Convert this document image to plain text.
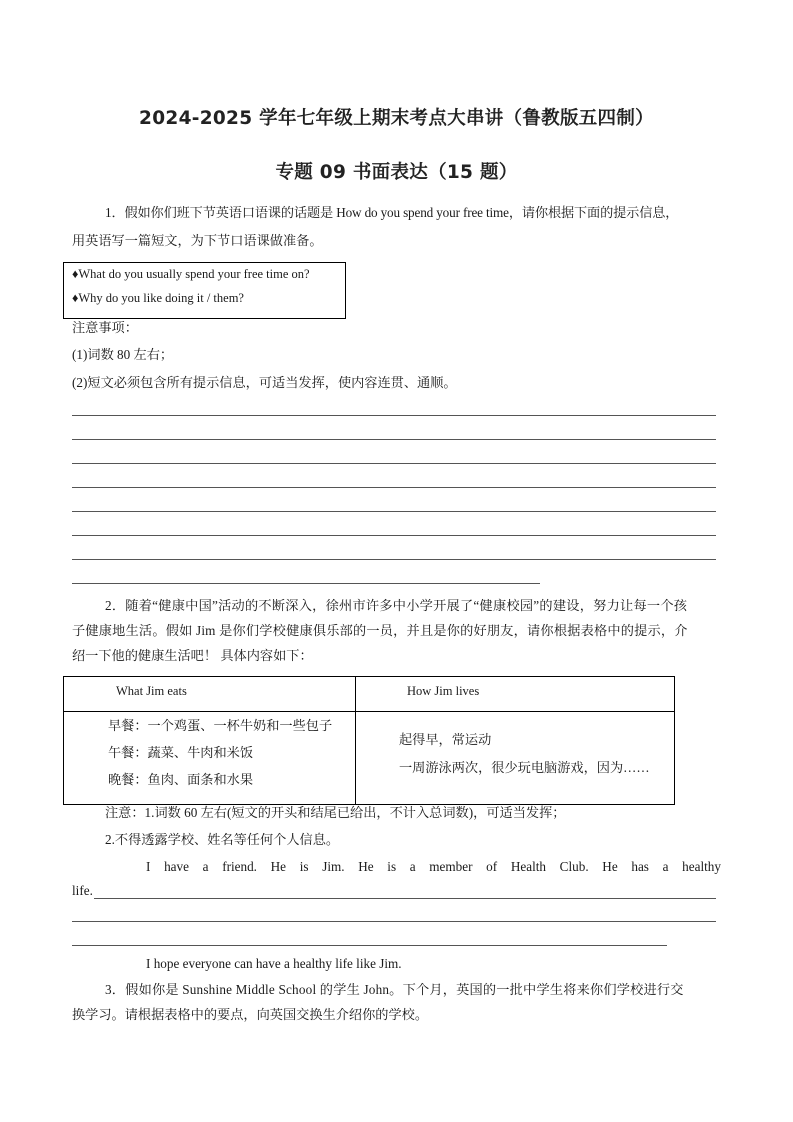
2024-2025 学年七年级上期末考点大串讲（鲁教版五四制）
专题 09 书面表达（15 题）
1．假如你们班下节英语口语课的话题是 How do you spend your free time，请你根据下面的提示信息，
用英语写一篇短文，为下节口语课做准备。
♦What do you usually spend your free time on?
♦Why do you like doing it / them?
注意事项：
(1)词数 80 左右；
(2)短文必须包含所有提示信息，可适当发挥，使内容连贯、通顺。
2．随着“健康中国”活动的不断深入，徐州市许多中小学开展了“健康校园”的建设，努力让每一个孩
子健康地生活。假如 Jim 是你们学校健康俱乐部的一员，并且是你的好朋友，请你根据表格中的提示，介
绍一下他的健康生活吧！ 具体内容如下：
What Jim eats	How Jim lives
早餐：一个鸡蛋、一杯牛奶和一些包子
午餐：蔬菜、牛肉和米饭
晚餐：鱼肉、面条和水果
起得早，常运动
一周游泳两次，很少玩电脑游戏，因为……
注意：1.词数 60 左右(短文的开头和结尾已给出，不计入总词数)，可适当发挥；
2.不得透露学校、姓名等任何个人信息。
I have a friend. He is Jim. He is a member of Health Club. He has a healthy
life.
I hope everyone can have a healthy life like Jim.
3．假如你是 Sunshine Middle School 的学生 John。下个月，英国的一批中学生将来你们学校进行交
换学习。请根据表格中的要点，向英国交换生介绍你的学校。
